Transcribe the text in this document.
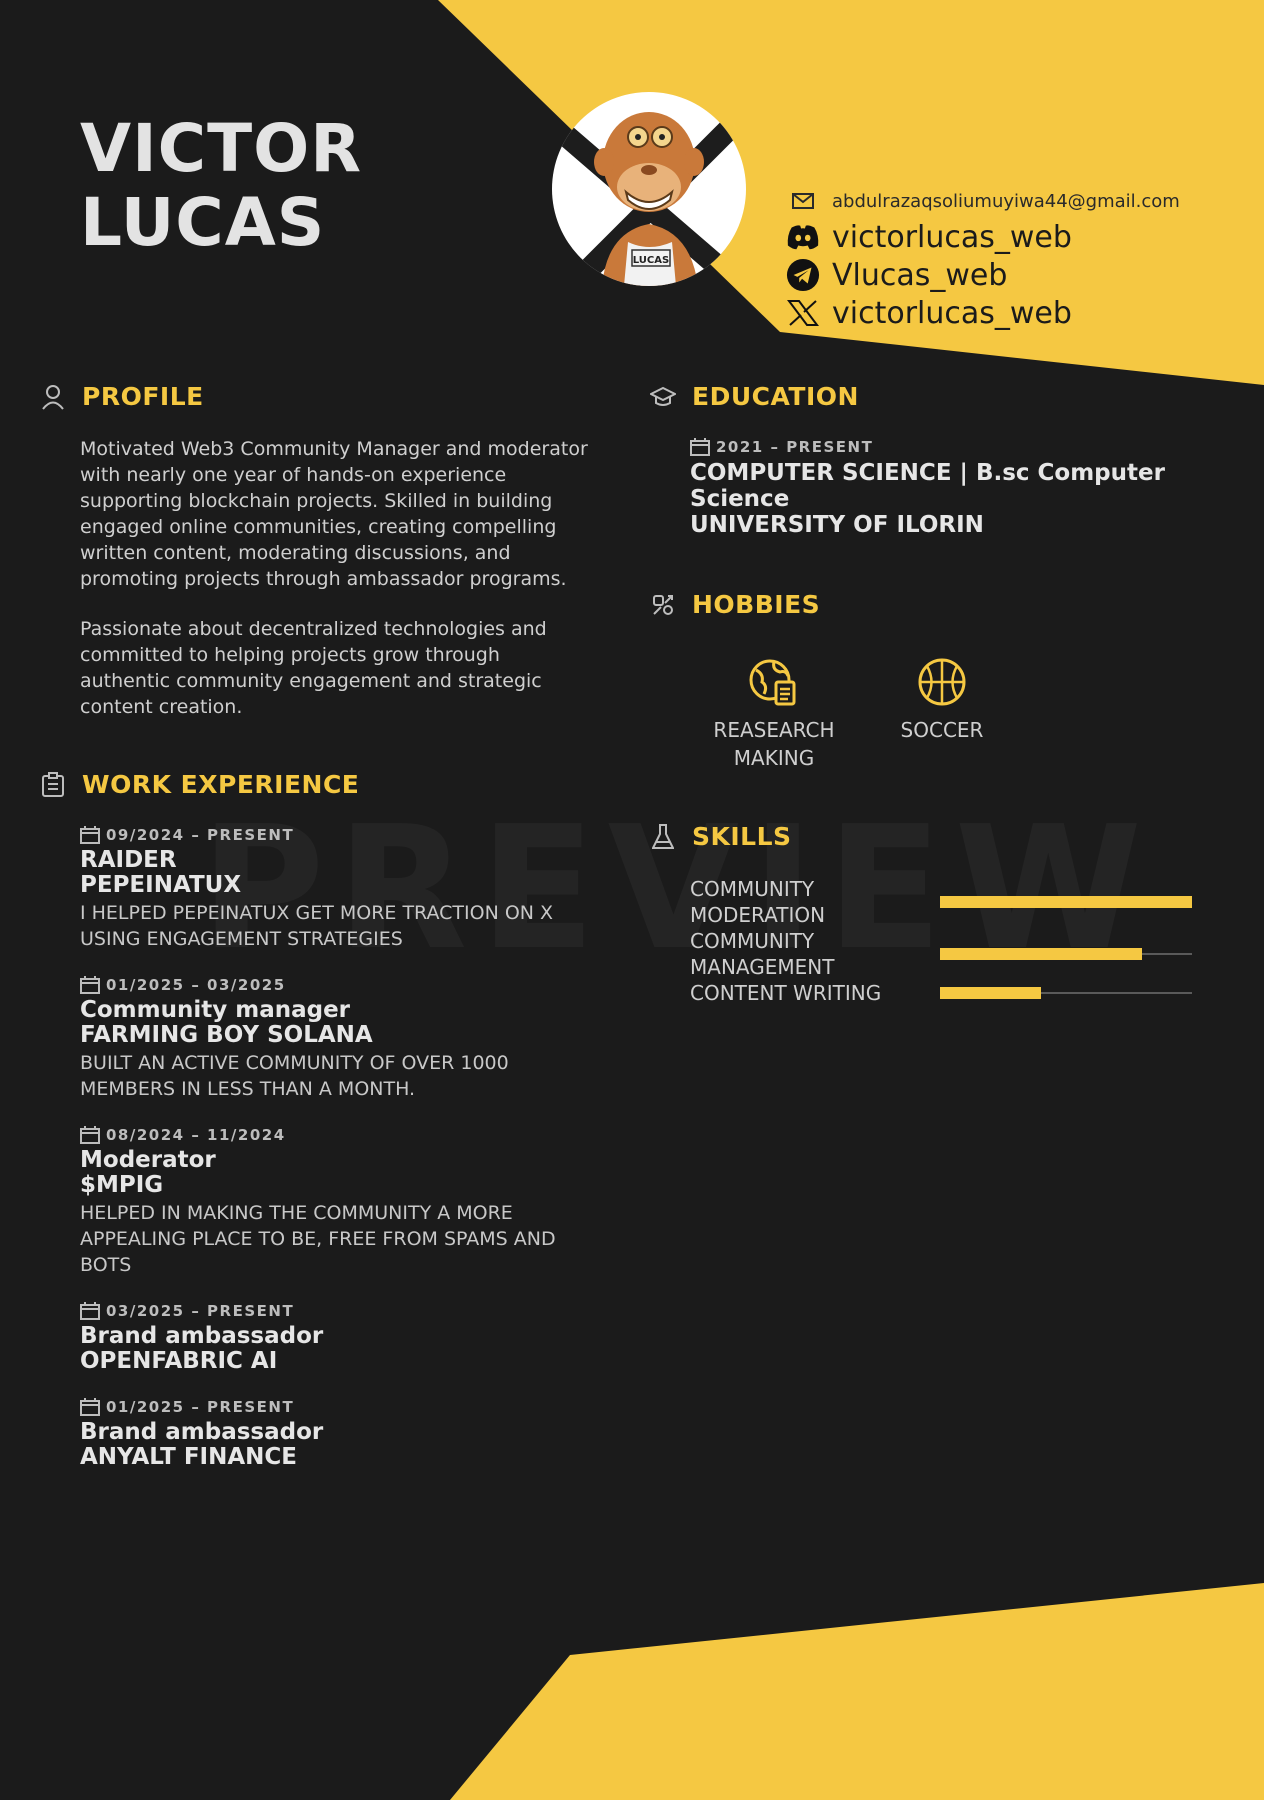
VICTOR
LUCAS	LUCAS
abdulrazaqsoliumuyiwa44@gmail.com
victorlucas_web
Vlucas_web
victorlucas_web
PROFILE

Motivated Web3 Community Manager and moderator with nearly one year of hands-on experience supporting blockchain projects. Skilled in building engaged online communities, creating compelling written content, moderating discussions, and promoting projects through ambassador programs.

Passionate about decentralized technologies and committed to helping projects grow through authentic community engagement and strategic content creation.

WORK EXPERIENCE
09/2024 – PRESENT
RAIDER
PEPEINATUX
I HELPED PEPEINATUX GET MORE TRACTION ON X USING ENGAGEMENT STRATEGIES
01/2025 – 03/2025
Community manager
FARMING BOY SOLANA
BUILT AN ACTIVE COMMUNITY OF OVER 1000 MEMBERS IN LESS THAN A MONTH.
08/2024 – 11/2024
Moderator
$MPIG
HELPED IN MAKING THE COMMUNITY A MORE APPEALING PLACE TO BE, FREE FROM SPAMS AND BOTS
03/2025 – PRESENT
Brand ambassador
OPENFABRIC AI
01/2025 – PRESENT
Brand ambassador
ANYALT FINANCE
EDUCATION
2021 – PRESENT
COMPUTER SCIENCE | B.sc Computer Science
UNIVERSITY OF ILORIN
HOBBIES
REASEARCH
MAKING
SOCCER
SKILLS
COMMUNITY MODERATION
COMMUNITY MANAGEMENT
CONTENT WRITING
